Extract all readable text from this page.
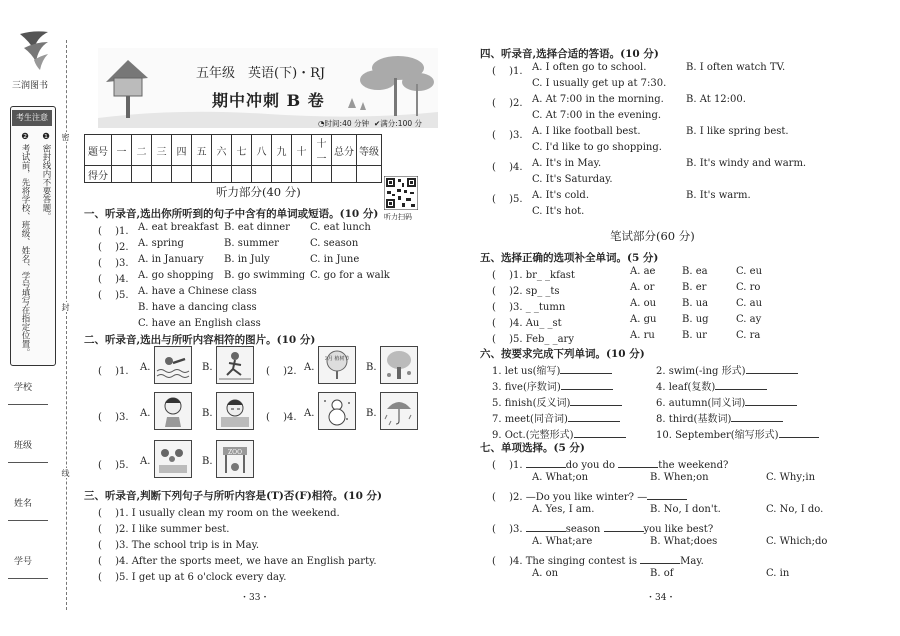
三润图书
考生注意
❶
密封线内不要答题。
❷
考试前，先将学校、班级、姓名、学号填写在指定位置。
学校
班级
姓名
学号
密
封
线
五年级　英语(下)・RJ
期中冲刺 B 卷
◔时间:40 分钟 ✔满分:100 分
题号	一	二	三	四	五	六	七	八	九	十	十一	总分	等级
得分													
听力扫码
听力部分(40 分)
一、听录音,选出你所听到的句子中含有的单词或短语。(10 分)
( 　)1. A. eat breakfast B. eat dinner C. eat lunch
( 　)2. A. spring	B. summer	C. season
( 　)3. A. in January B. in July	C. in June
( 　)4. A. go shopping B. go swimming C. go for a walk
( 　)5. A. have a Chinese class
B. have a dancing class
C. have an English class
二、听录音,选出与所听内容相符的图片。(10 分)
( 　)1. A.	B.	( 　)2. A.
3月 植树节
B.
( 　)3. A.	B.	( 　)4. A.	B.
( 　)5. A.	B.
ZOO
三、听录音,判断下列句子与所听内容是(T)否(F)相符。(10 分)
( 　)1. I usually clean my room on the weekend.
( 　)2. I like summer best.
( 　)3. The school trip is in May.
( 　)4. After the sports meet, we have an English party.
( 　)5. I get up at 6 o'clock every day.
・33・
四、听录音,选择合适的答语。(10 分)
( 　)1. A. I often go to school.	B. I often watch TV.
C. I usually get up at 7:30.
( 　)2. A. At 7:00 in the morning. B. At 12:00.
C. At 7:00 in the evening.
( 　)3. A. I like football best.	B. I like spring best.
C. I'd like to go shopping.
( 　)4. A. It's in May.	B. It's windy and warm.
C. It's Saturday.
( 　)5. A. It's cold.	B. It's warm.
C. It's hot.
笔试部分(60 分)
五、选择正确的选项补全单词。(5 分)
( 　)1. br_ _kfast	A. ae	B. ea	C. eu
( 　)2. sp_ _ts	A. or	B. er	C. ro
( 　)3. _ _tumn	A. ou	B. ua	C. au
( 　)4. Au_ _st	A. gu	B. ug	C. ay
( 　)5. Feb_ _ary	A. ru	B. ur	C. ra
六、按要求完成下列单词。(10 分)
1. let us(缩写)	2. swim(-ing 形式)
3. five(序数词)	4. leaf(复数)
5. finish(反义词)	6. autumn(同义词)
7. meet(同音词)	8. third(基数词)
9. Oct.(完整形式)	10. September(缩写形式)
七、单项选择。(5 分)
( 　)1.	do you do	the weekend?
A. What;on	B. When;on	C. Why;in
( 　)2. —Do you like winter? —
A. Yes, I am.	B. No, I don't.	C. No, I do.
( 　)3.	season	you like best?
A. What;are	B. What;does	C. Which;do
( 　)4. The singing contest is	May.
A. on	B. of	C. in
・34・
